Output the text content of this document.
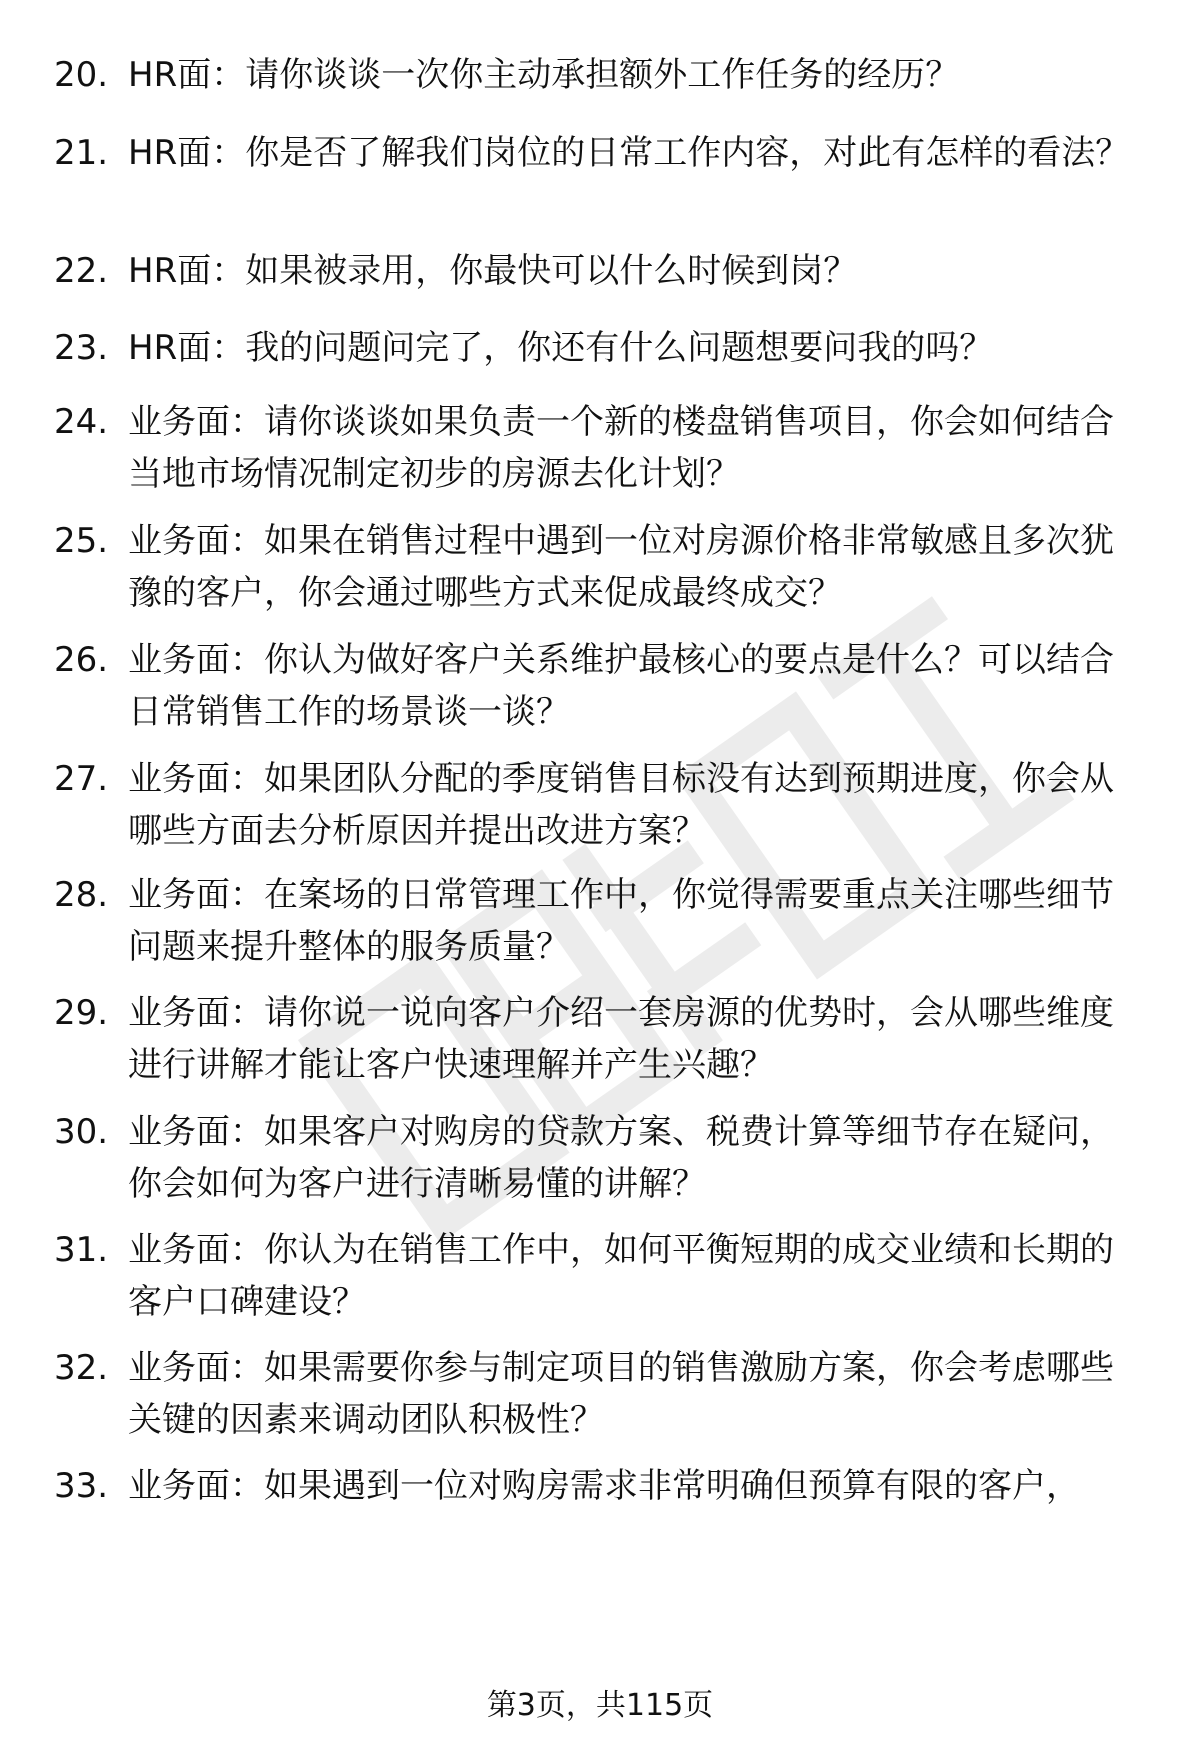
20. HR面：请你谈谈一次你主动承担额外工作任务的经历？
21. HR面：你是否了解我们岗位的日常工作内容，对此有怎样的看法？
22. HR面：如果被录用，你最快可以什么时候到岗？
23. HR面：我的问题问完了，你还有什么问题想要问我的吗？
24. 业务面：请你谈谈如果负责一个新的楼盘销售项目，你会如何结合当地市场情况制定初步的房源去化计划？
25. 业务面：如果在销售过程中遇到一位对房源价格非常敏感且多次犹豫的客户，你会通过哪些方式来促成最终成交？
26. 业务面：你认为做好客户关系维护最核心的要点是什么？可以结合日常销售工作的场景谈一谈？
27. 业务面：如果团队分配的季度销售目标没有达到预期进度，你会从哪些方面去分析原因并提出改进方案？
28. 业务面：在案场的日常管理工作中，你觉得需要重点关注哪些细节问题来提升整体的服务质量？
29. 业务面：请你说一说向客户介绍一套房源的优势时，会从哪些维度进行讲解才能让客户快速理解并产生兴趣？
30. 业务面：如果客户对购房的贷款方案、税费计算等细节存在疑问，你会如何为客户进行清晰易懂的讲解？
31. 业务面：你认为在销售工作中，如何平衡短期的成交业绩和长期的客户口碑建设？
32. 业务面：如果需要你参与制定项目的销售激励方案，你会考虑哪些关键的因素来调动团队积极性？
33. 业务面：如果遇到一位对购房需求非常明确但预算有限的客户，
第3页，共115页
